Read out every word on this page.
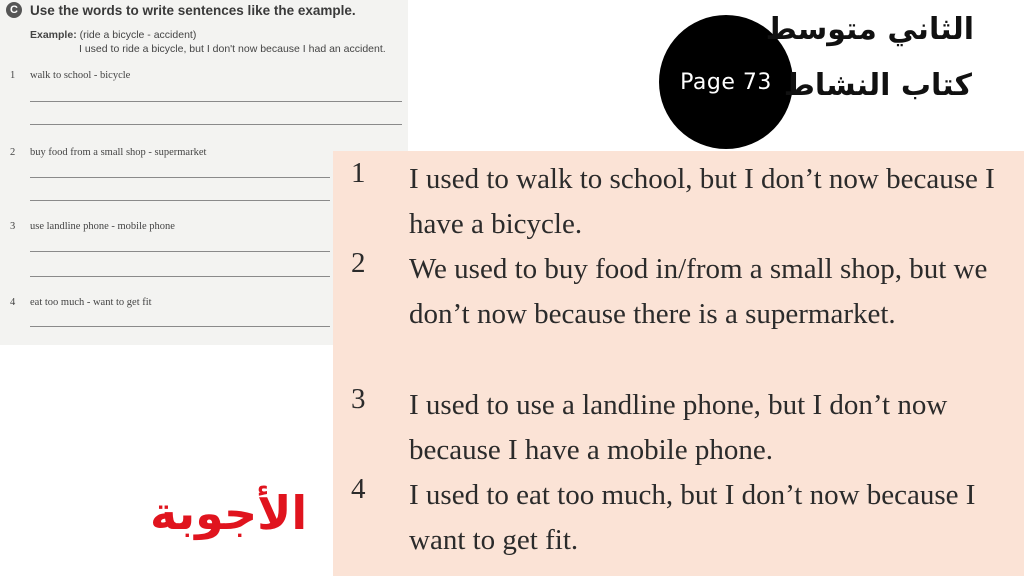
C Use the words to write sentences like the example.
Example: (ride a bicycle - accident)
I used to ride a bicycle, but I don't now because I had an accident.
1 walk to school - bicycle
2 buy food from a small shop - supermarket
3 use landline phone - mobile phone
4 eat too much - want to get fit
Page 73
الثاني متوسط
كتاب النشاط
1 I used to walk to school, but I don’t now because I have a bicycle.
2 We used to buy food in/from a small shop, but we don’t now because there is a supermarket.
3 I used to use a landline phone, but I don’t now because I have a mobile phone.
4 I used to eat too much, but I don’t now because I want to get fit.
الأجوبة
